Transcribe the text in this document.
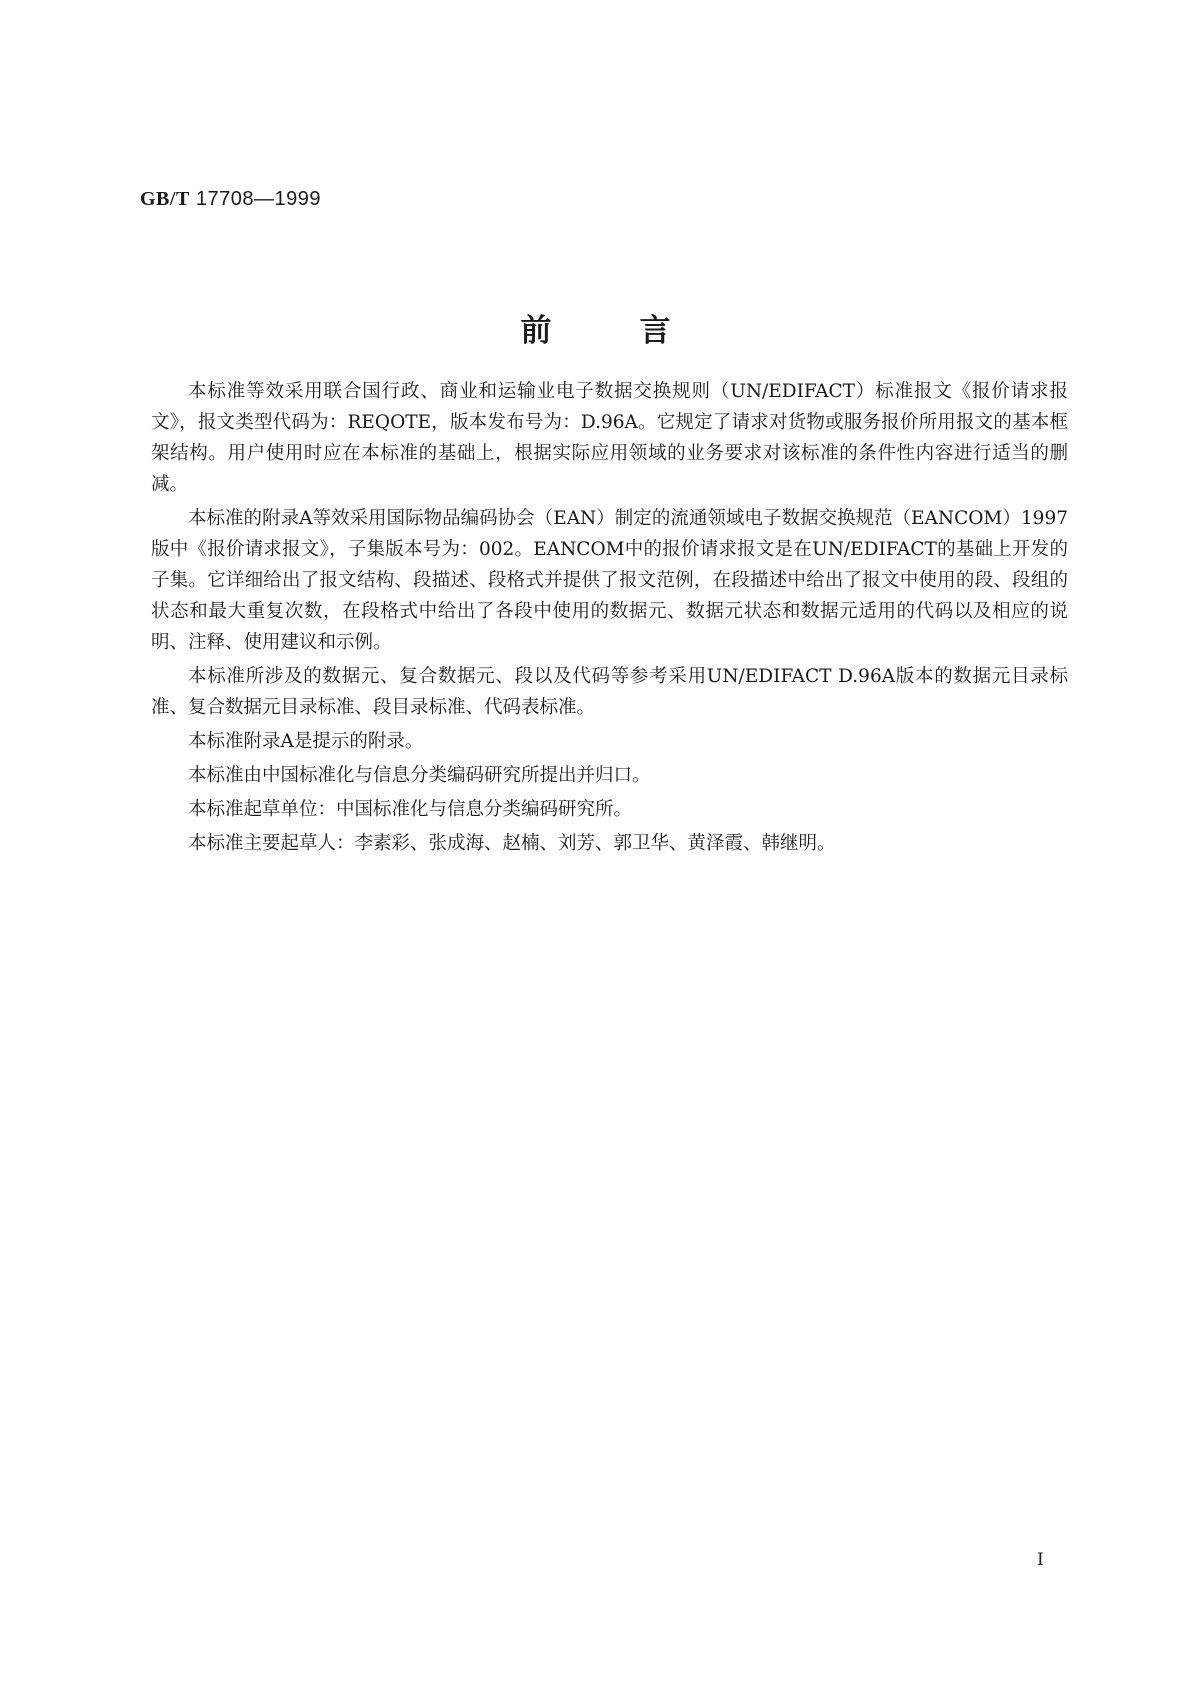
GB/T 17708—1999
前言

本标准等效采用联合国行政、商业和运输业电子数据交换规则（UN/EDIFACT）标准报文《报价请求报文》，报文类型代码为：REQOTE，版本发布号为：D.96A。它规定了请求对货物或服务报价所用报文的基本框架结构。用户使用时应在本标准的基础上，根据实际应用领域的业务要求对该标准的条件性内容进行适当的删减。

本标准的附录A等效采用国际物品编码协会（EAN）制定的流通领域电子数据交换规范（EANCOM）1997版中《报价请求报文》，子集版本号为：002。EANCOM中的报价请求报文是在UN/EDIFACT的基础上开发的子集。它详细给出了报文结构、段描述、段格式并提供了报文范例，在段描述中给出了报文中使用的段、段组的状态和最大重复次数，在段格式中给出了各段中使用的数据元、数据元状态和数据元适用的代码以及相应的说明、注释、使用建议和示例。

本标准所涉及的数据元、复合数据元、段以及代码等参考采用UN/EDIFACT D.96A版本的数据元目录标准、复合数据元目录标准、段目录标准、代码表标准。

本标准附录A是提示的附录。

本标准由中国标准化与信息分类编码研究所提出并归口。

本标准起草单位：中国标准化与信息分类编码研究所。

本标准主要起草人：李素彩、张成海、赵楠、刘芳、郭卫华、黄泽霞、韩继明。

I
